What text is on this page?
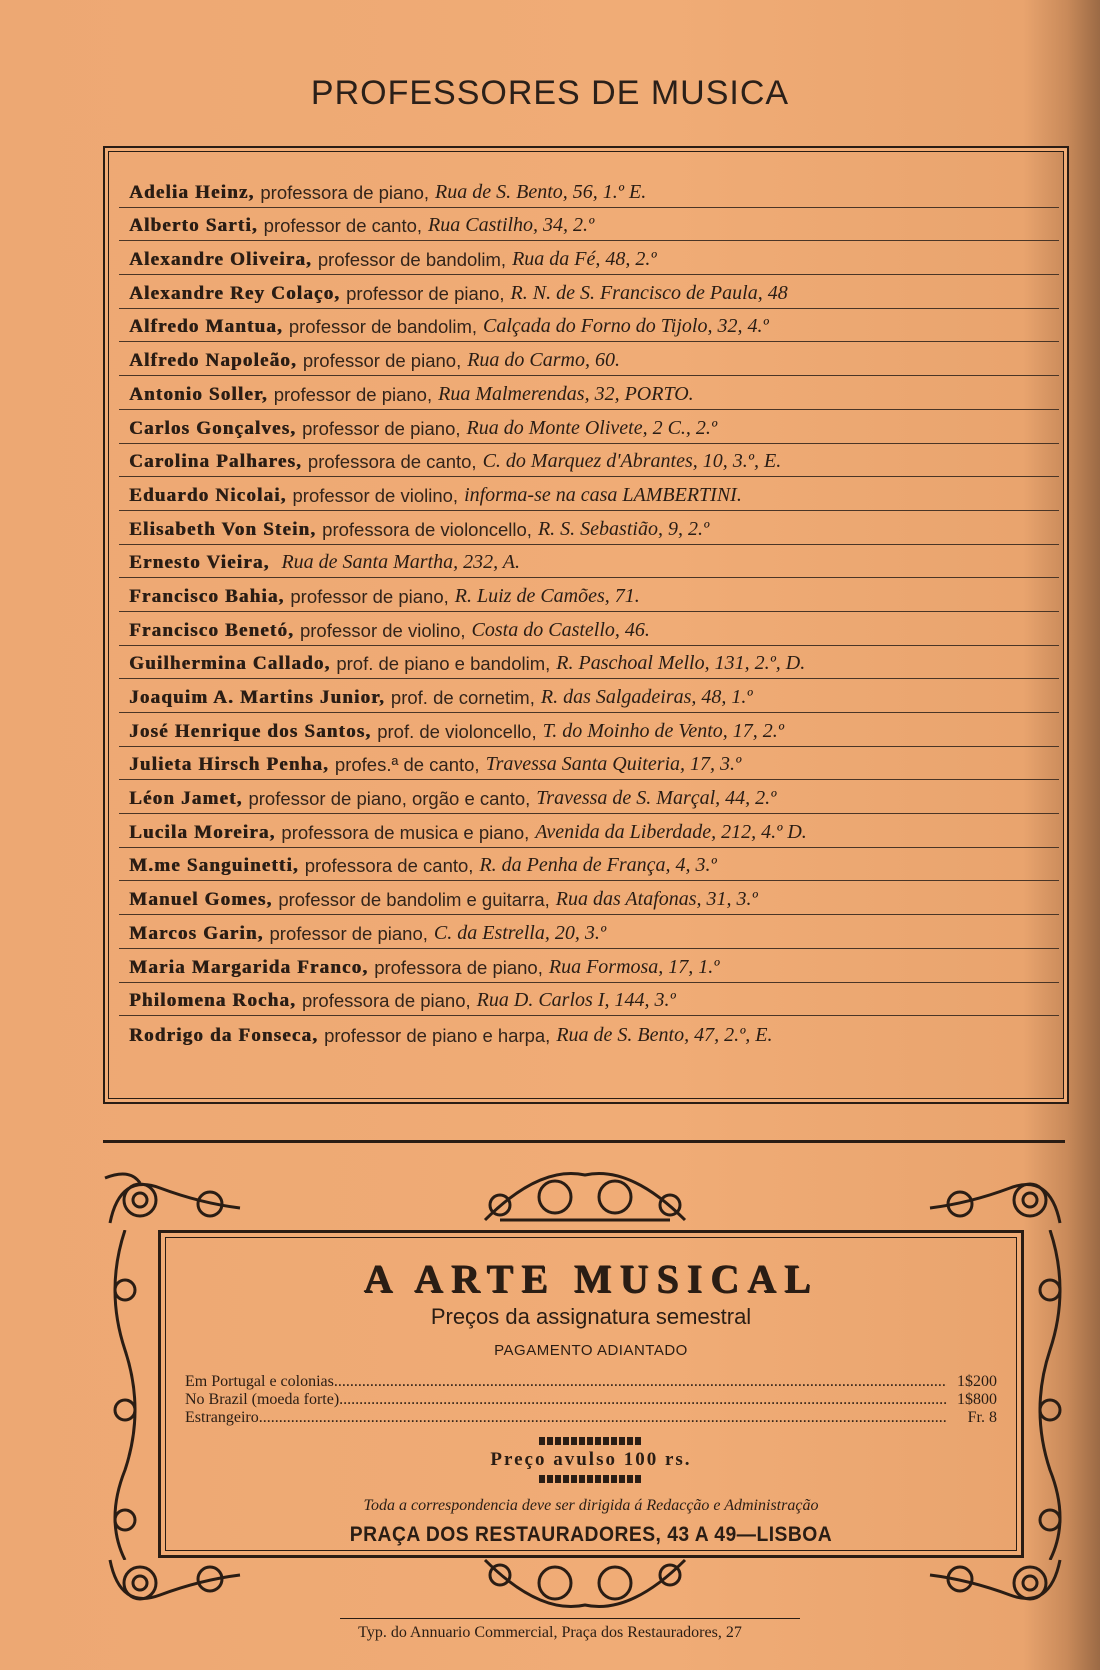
PROFESSORES DE MUSICA
Adelia Heinz, professora de piano, Rua de S. Bento, 56, 1.º E.
Alberto Sarti, professor de canto, Rua Castilho, 34, 2.º
Alexandre Oliveira, professor de bandolim, Rua da Fé, 48, 2.º
Alexandre Rey Colaço, professor de piano, R. N. de S. Francisco de Paula, 48
Alfredo Mantua, professor de bandolim, Calçada do Forno do Tijolo, 32, 4.º
Alfredo Napoleão, professor de piano, Rua do Carmo, 60.
Antonio Soller, professor de piano, Rua Malmerendas, 32, PORTO.
Carlos Gonçalves, professor de piano, Rua do Monte Olivete, 2 C., 2.º
Carolina Palhares, professora de canto, C. do Marquez d'Abrantes, 10, 3.º, E.
Eduardo Nicolai, professor de violino, informa-se na casa LAMBERTINI.
Elisabeth Von Stein, professora de violoncello, R. S. Sebastião, 9, 2.º
Ernesto Vieira, Rua de Santa Martha, 232, A.
Francisco Bahia, professor de piano, R. Luiz de Camões, 71.
Francisco Benetó, professor de violino, Costa do Castello, 46.
Guilhermina Callado, prof. de piano e bandolim, R. Paschoal Mello, 131, 2.º, D.
Joaquim A. Martins Junior, prof. de cornetim, R. das Salgadeiras, 48, 1.º
José Henrique dos Santos, prof. de violoncello, T. do Moinho de Vento, 17, 2.º
Julieta Hirsch Penha, profes.ª de canto, Travessa Santa Quiteria, 17, 3.º
Léon Jamet, professor de piano, orgão e canto, Travessa de S. Marçal, 44, 2.º
Lucila Moreira, professora de musica e piano, Avenida da Liberdade, 212, 4.º D.
M.me Sanguinetti, professora de canto, R. da Penha de França, 4, 3.º
Manuel Gomes, professor de bandolim e guitarra, Rua das Atafonas, 31, 3.º
Marcos Garin, professor de piano, C. da Estrella, 20, 3.º
Maria Margarida Franco, professora de piano, Rua Formosa, 17, 1.º
Philomena Rocha, professora de piano, Rua D. Carlos I, 144, 3.º
Rodrigo da Fonseca, professor de piano e harpa, Rua de S. Bento, 47, 2.º, E.
A ARTE MUSICAL
Preços da assignatura semestral
PAGAMENTO ADIANTADO
Em Portugal e colonias .....	1$200
No Brazil (moeda forte) .....	1$800
Estrangeiro .....	Fr. 8
Preço avulso 100 rs.
Toda a correspondencia deve ser dirigida á Redacção e Administração
PRAÇA DOS RESTAURADORES, 43 A 49—LISBOA
Typ. do Annuario Commercial, Praça dos Restauradores, 27
